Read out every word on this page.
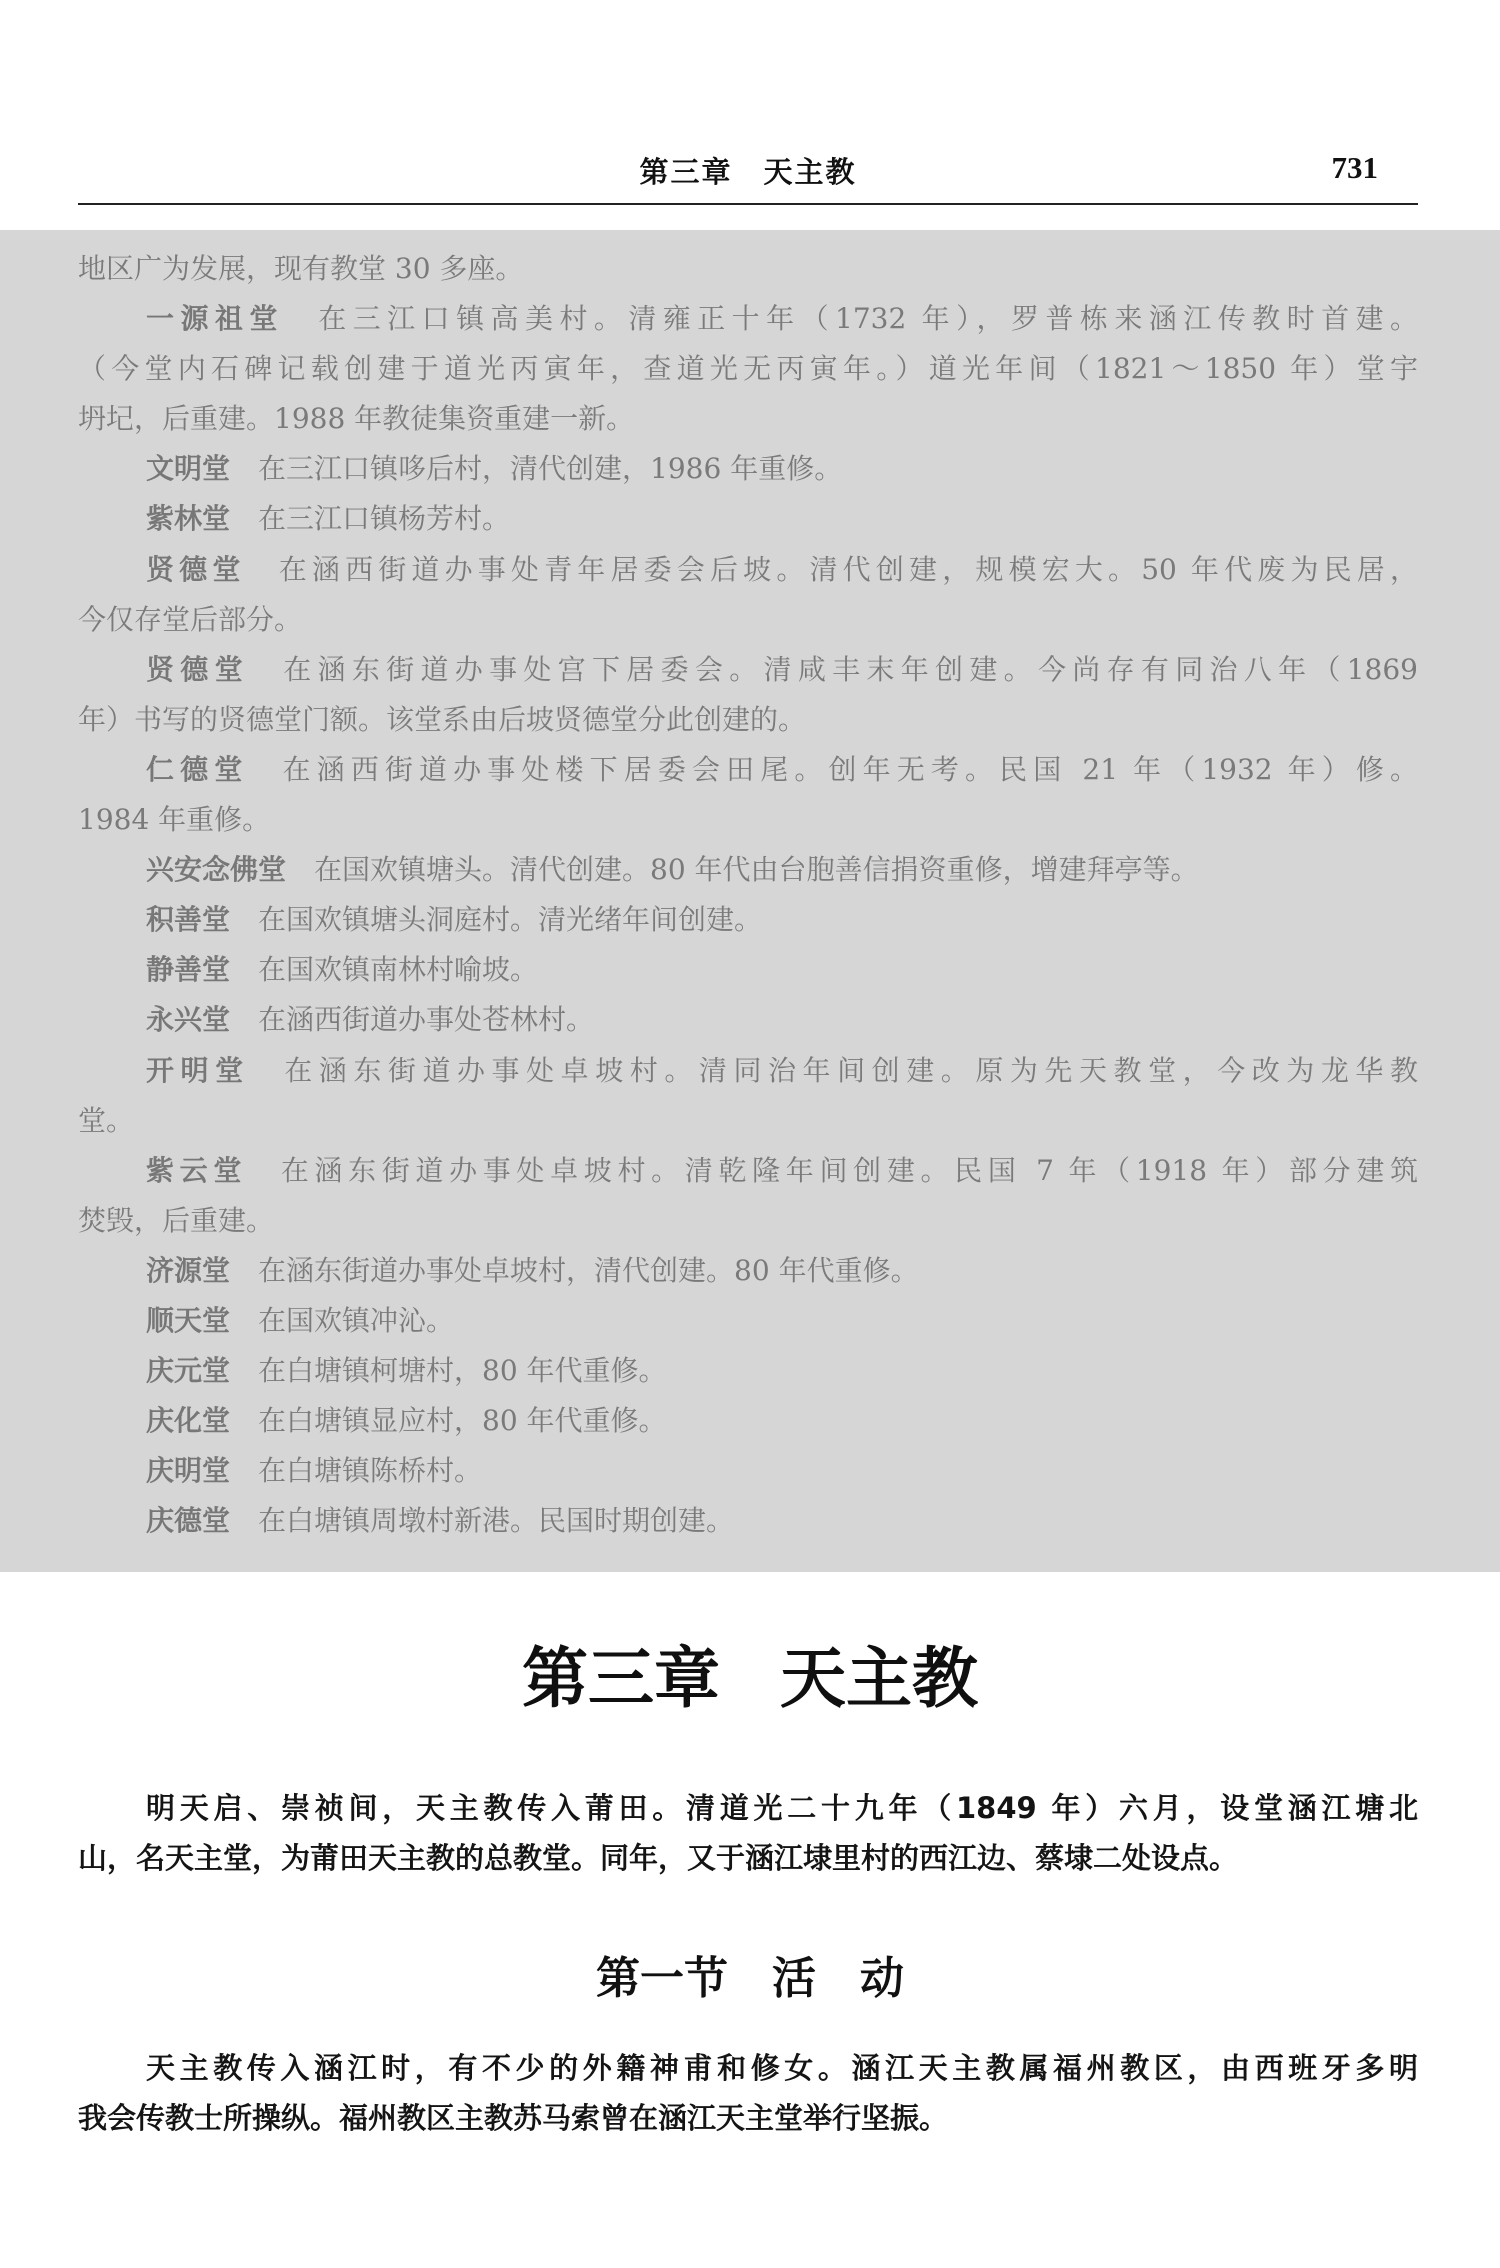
第三章　天主教	731
地区广为发展，现有教堂 30 多座。
一源祖堂　 在三江口镇高美村。清雍正十年（1732 年），罗普栋来涵江传教时首建。
（今堂内石碑记载创建于道光丙寅年，查道光无丙寅年。）道光年间（1821～1850 年）堂宇
坍圮，后重建。1988 年教徒集资重建一新。
文明堂　 在三江口镇哆后村，清代创建，1986 年重修。
紫林堂　 在三江口镇杨芳村。
贤德堂　 在涵西街道办事处青年居委会后坡。清代创建，规模宏大。50 年代废为民居，
今仅存堂后部分。
贤德堂　 在涵东街道办事处宫下居委会。清咸丰末年创建。今尚存有同治八年（1869
年）书写的贤德堂门额。该堂系由后坡贤德堂分此创建的。
仁德堂　 在涵西街道办事处楼下居委会田尾。创年无考。民国 21 年（1932 年）修。
1984 年重修。
兴安念佛堂　 在国欢镇塘头。清代创建。80 年代由台胞善信捐资重修，增建拜亭等。
积善堂　 在国欢镇塘头洞庭村。清光绪年间创建。
静善堂　 在国欢镇南林村喻坡。
永兴堂　 在涵西街道办事处苍林村。
开明堂　 在涵东街道办事处卓坡村。清同治年间创建。原为先天教堂，今改为龙华教
堂。
紫云堂　 在涵东街道办事处卓坡村。清乾隆年间创建。民国 7 年（1918 年）部分建筑
焚毁，后重建。
济源堂　 在涵东街道办事处卓坡村，清代创建。80 年代重修。
顺天堂　 在国欢镇冲沁。
庆元堂　 在白塘镇柯塘村，80 年代重修。
庆化堂　 在白塘镇显应村，80 年代重修。
庆明堂　 在白塘镇陈桥村。
庆德堂　 在白塘镇周墩村新港。民国时期创建。
第三章 天主教
明天启、崇祯间，天主教传入莆田。清道光二十九年（1849 年）六月，设堂涵江塘北
山，名天主堂，为莆田天主教的总教堂。同年，又于涵江埭里村的西江边、蔡埭二处设点。
第一节　活　动
天主教传入涵江时，有不少的外籍神甫和修女。涵江天主教属福州教区，由西班牙多明
我会传教士所操纵。福州教区主教苏马索曾在涵江天主堂举行坚振。
